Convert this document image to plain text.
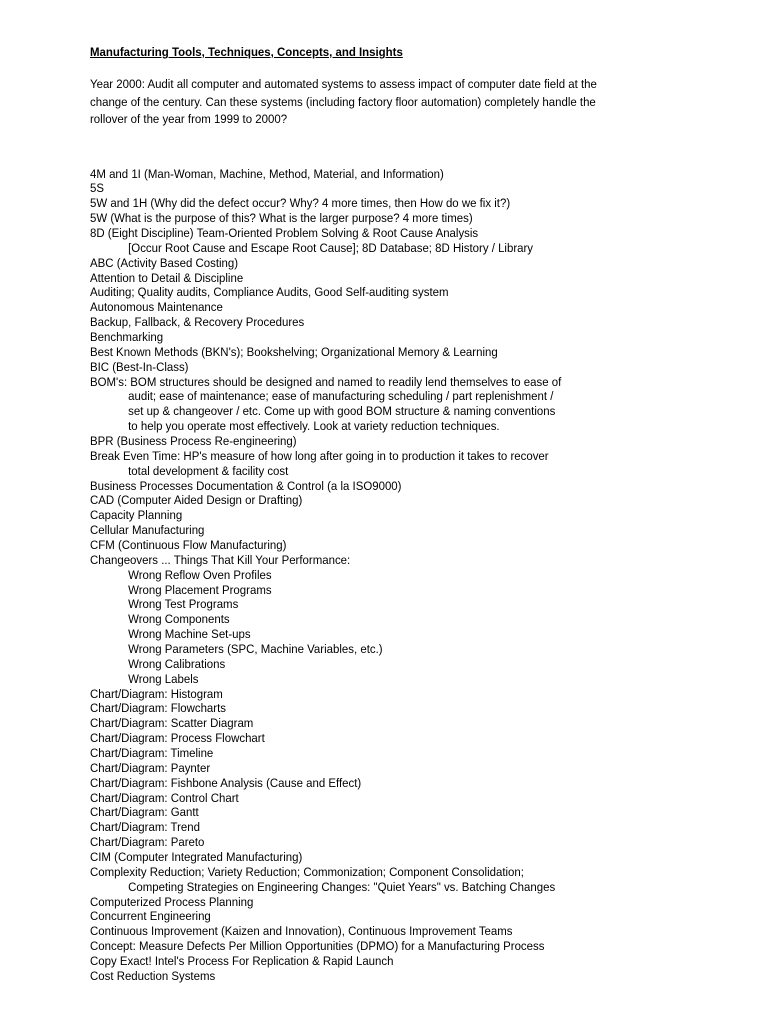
Manufacturing Tools, Techniques, Concepts, and Insights
Year 2000: Audit all computer and automated systems to assess impact of computer date field at the
change of the century. Can these systems (including factory floor automation) completely handle the
rollover of the year from 1999 to 2000?
4M and 1I (Man-Woman, Machine, Method, Material, and Information)
5S
5W and 1H (Why did the defect occur? Why? 4 more times, then How do we fix it?)
5W (What is the purpose of this? What is the larger purpose? 4 more times)
8D (Eight Discipline) Team-Oriented Problem Solving & Root Cause Analysis
[Occur Root Cause and Escape Root Cause]; 8D Database; 8D History / Library
ABC (Activity Based Costing)
Attention to Detail & Discipline
Auditing; Quality audits, Compliance Audits, Good Self-auditing system
Autonomous Maintenance
Backup, Fallback, & Recovery Procedures
Benchmarking
Best Known Methods (BKN's); Bookshelving; Organizational Memory & Learning
BIC (Best-In-Class)
BOM's: BOM structures should be designed and named to readily lend themselves to ease of
audit; ease of maintenance; ease of manufacturing scheduling / part replenishment /
set up & changeover / etc. Come up with good BOM structure & naming conventions
to help you operate most effectively. Look at variety reduction techniques.
BPR (Business Process Re-engineering)
Break Even Time: HP's measure of how long after going in to production it takes to recover
total development & facility cost
Business Processes Documentation & Control (a la ISO9000)
CAD (Computer Aided Design or Drafting)
Capacity Planning
Cellular Manufacturing
CFM (Continuous Flow Manufacturing)
Changeovers ... Things That Kill Your Performance:
Wrong Reflow Oven Profiles
Wrong Placement Programs
Wrong Test Programs
Wrong Components
Wrong Machine Set-ups
Wrong Parameters (SPC, Machine Variables, etc.)
Wrong Calibrations
Wrong Labels
Chart/Diagram: Histogram
Chart/Diagram: Flowcharts
Chart/Diagram: Scatter Diagram
Chart/Diagram: Process Flowchart
Chart/Diagram: Timeline
Chart/Diagram: Paynter
Chart/Diagram: Fishbone Analysis (Cause and Effect)
Chart/Diagram: Control Chart
Chart/Diagram: Gantt
Chart/Diagram: Trend
Chart/Diagram: Pareto
CIM (Computer Integrated Manufacturing)
Complexity Reduction; Variety Reduction; Commonization; Component Consolidation;
Competing Strategies on Engineering Changes: "Quiet Years" vs. Batching Changes
Computerized Process Planning
Concurrent Engineering
Continuous Improvement (Kaizen and Innovation), Continuous Improvement Teams
Concept: Measure Defects Per Million Opportunities (DPMO) for a Manufacturing Process
Copy Exact! Intel's Process For Replication & Rapid Launch
Cost Reduction Systems
